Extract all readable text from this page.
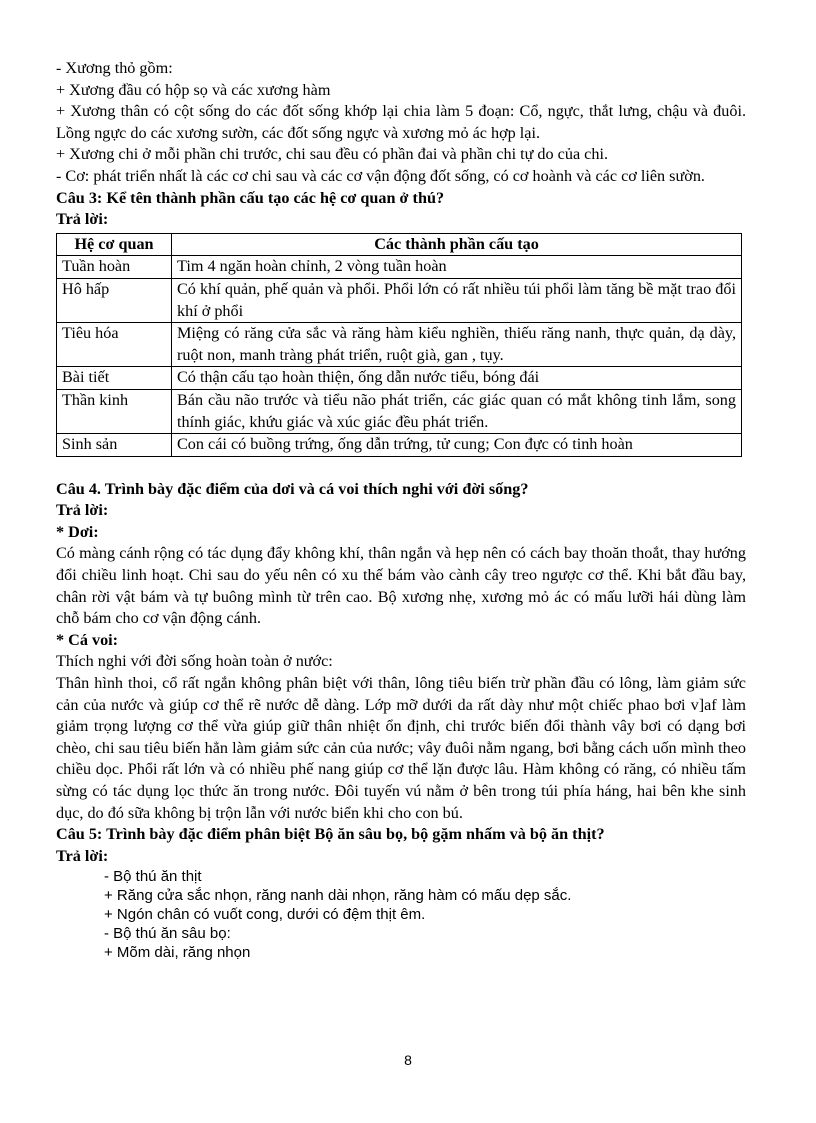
- Xương thỏ gồm:

+ Xương đầu có hộp sọ và các xương hàm

+ Xương thân có cột sống do các đốt sống khớp lại chia làm 5 đoạn: Cổ, ngực, thắt lưng, chậu và đuôi. Lồng ngực do các xương sườn, các đốt sống ngực và xương mỏ ác hợp lại.

+ Xương chi ở mỗi phần chi trước, chi sau đều có phần đai và phần chi tự do của chi.

- Cơ: phát triển nhất là các cơ chi sau và các cơ vận động đốt sống, có cơ hoành và các cơ liên sườn.

Câu 3: Kể tên thành phần cấu tạo các hệ cơ quan ở thú?

Trả lời:

Hệ cơ quan	Các thành phần cấu tạo
Tuần hoàn	Tim 4 ngăn hoàn chỉnh, 2 vòng tuần hoàn
Hô hấp	Có khí quản, phế quản và phổi. Phổi lớn có rất nhiều túi phổi làm tăng bề mặt trao đổi khí ở phổi
Tiêu hóa	Miệng có răng cửa sắc và răng hàm kiểu nghiền, thiếu răng nanh, thực quản, dạ dày, ruột non, manh tràng phát triển, ruột già, gan , tụy.
Bài tiết	Có thận cấu tạo hoàn thiện, ống dẫn nước tiểu, bóng đái
Thần kinh	Bán cầu não trước và tiểu não phát triển, các giác quan có mắt không tinh lắm, song thính giác, khứu giác và xúc giác đều phát triển.
Sinh sản	Con cái có buồng trứng, ống dẫn trứng, tử cung; Con đực có tinh hoàn

Câu 4. Trình bày đặc điểm của dơi và cá voi thích nghi với đời sống?

Trả lời:

* Dơi:

Có màng cánh rộng có tác dụng đẩy không khí, thân ngắn và hẹp nên có cách bay thoăn thoắt, thay hướng đổi chiều linh hoạt. Chi sau do yếu nên có xu thế bám vào cành cây treo ngược cơ thể. Khi bắt đầu bay, chân rời vật bám và tự buông mình từ trên cao. Bộ xương nhẹ, xương mỏ ác có mấu lưỡi hái dùng làm chỗ bám cho cơ vận động cánh.

* Cá voi:

Thích nghi với đời sống hoàn toàn ở nước:

Thân hình thoi, cổ rất ngắn không phân biệt với thân, lông tiêu biến trừ phần đầu có lông, làm giảm sức cản của nước và giúp cơ thể rẽ nước dễ dàng. Lớp mỡ dưới da rất dày như một chiếc phao bơi v]af làm giảm trọng lượng cơ thể vừa giúp giữ thân nhiệt ổn định, chi trước biến đổi thành vây bơi có dạng bơi chèo, chi sau tiêu biến hẳn làm giảm sức cản của nước; vây đuôi nằm ngang, bơi bằng cách uốn mình theo chiều dọc. Phổi rất lớn và có nhiều phế nang giúp cơ thể lặn được lâu. Hàm không có răng, có nhiều tấm sừng có tác dụng lọc thức ăn trong nước. Đôi tuyến vú nằm ở bên trong túi phía háng, hai bên khe sinh dục, do đó sữa không bị trộn lẫn với nước biển khi cho con bú.

Câu 5: Trình bày đặc điểm phân biệt Bộ ăn sâu bọ, bộ gặm nhấm và bộ ăn thịt?

Trả lời:

- Bộ thú ăn thịt

+ Răng cửa sắc nhọn, răng nanh dài nhọn, răng hàm có mấu dẹp sắc.

+ Ngón chân có vuốt cong, dưới có đệm thịt êm.

- Bộ thú ăn sâu bọ:

+ Mõm dài, răng nhọn

8
